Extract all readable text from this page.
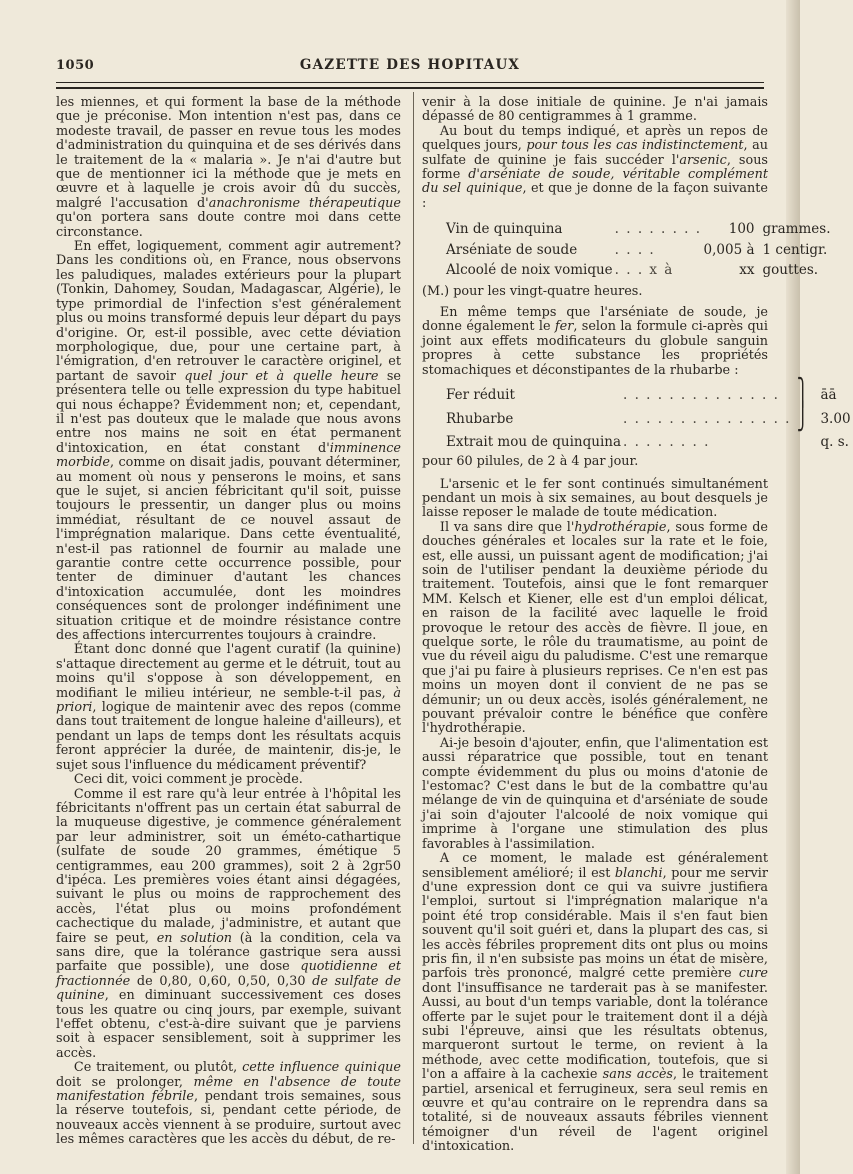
1050	GAZETTE DES HOPITAUX

les miennes, et qui forment la base de la méthode que je préconise. Mon intention n'est pas, dans ce modeste travail, de passer en revue tous les modes d'administration du quinquina et de ses dérivés dans le traitement de la « malaria ». Je n'ai d'autre but que de mentionner ici la méthode que je mets en œuvre et à laquelle je crois avoir dû du succès, malgré l'accusation d'anachronisme thérapeutique qu'on portera sans doute contre moi dans cette circonstance.

En effet, logiquement, comment agir autrement? Dans les conditions où, en France, nous observons les paludiques, malades extérieurs pour la plupart (Tonkin, Dahomey, Soudan, Madagascar, Algérie), le type primordial de l'infection s'est généralement plus ou moins transformé depuis leur départ du pays d'origine. Or, est-il possible, avec cette déviation morphologique, due, pour une certaine part, à l'émigration, d'en retrouver le caractère originel, et partant de savoir quel jour et à quelle heure se présentera telle ou telle expression du type habituel qui nous échappe? Évidemment non; et, cependant, il n'est pas douteux que le malade que nous avons entre nos mains ne soit en état permanent d'intoxication, en état constant d'imminence morbide, comme on disait jadis, pouvant déterminer, au moment où nous y penserons le moins, et sans que le sujet, si ancien fébricitant qu'il soit, puisse toujours le pressentir, un danger plus ou moins immédiat, résultant de ce nouvel assaut de l'imprégnation malarique. Dans cette éventualité, n'est-il pas rationnel de fournir au malade une garantie contre cette occurrence possible, pour tenter de diminuer d'autant les chances d'intoxication accumulée, dont les moindres conséquences sont de prolonger indéfiniment une situation critique et de moindre résistance contre des affections intercurrentes toujours à craindre.

Étant donc donné que l'agent curatif (la quinine) s'attaque directement au germe et le détruit, tout au moins qu'il s'oppose à son développement, en modifiant le milieu intérieur, ne semble-t-il pas, à priori, logique de maintenir avec des repos (comme dans tout traitement de longue haleine d'ailleurs), et pendant un laps de temps dont les résultats acquis feront apprécier la durée, de maintenir, dis-je, le sujet sous l'influence du médicament préventif?

Ceci dit, voici comment je procède.

Comme il est rare qu'à leur entrée à l'hôpital les fébricitants n'offrent pas un certain état saburral de la muqueuse digestive, je commence généralement par leur administrer, soit un éméto-cathartique (sulfate de soude 20 grammes, émétique 5 centigrammes, eau 200 grammes), soit 2 à 2gr50 d'ipéca. Les premières voies étant ainsi dégagées, suivant le plus ou moins de rapprochement des accès, l'état plus ou moins profondément cachectique du malade, j'administre, et autant que faire se peut, en solution (à la condition, cela va sans dire, que la tolérance gastrique sera aussi parfaite que possible), une dose quotidienne et fractionnée de 0,80, 0,60, 0,50, 0,30 de sulfate de quinine, en diminuant successivement ces doses tous les quatre ou cinq jours, par exemple, suivant l'effet obtenu, c'est-à-dire suivant que je parviens soit à espacer sensiblement, soit à supprimer les accès.

Ce traitement, ou plutôt, cette influence quinique doit se prolonger, même en l'absence de toute manifestation fébrile, pendant trois semaines, sous la réserve toutefois, si, pendant cette période, de nouveaux accès viennent à se produire, surtout avec les mêmes caractères que les accès du début, de re-

venir à la dose initiale de quinine. Je n'ai jamais dépassé de 80 centigrammes à 1 gramme.

Au bout du temps indiqué, et après un repos de quelques jours, pour tous les cas indistinctement, au sulfate de quinine je fais succéder l'arsenic, sous forme d'arséniate de soude, véritable complément du sel quinique, et que je donne de la façon suivante :

Vin de quinquina	. . . . . . . .	100	grammes.
Arséniate de soude	. . . .	0,005 à	1 centigr.
Alcoolé de noix vomique	. . . x à	xx	gouttes.

(M.) pour les vingt-quatre heures.

En même temps que l'arséniate de soude, je donne également le fer, selon la formule ci-après qui joint aux effets modificateurs du globule sanguin propres à cette substance les propriétés stomachiques et déconstipantes de la rhubarbe :

Fer réduit	. . . . . . . . . . . . . .	⎫	āā
Rhubarbe	. . . . . . . . . . . . . . .	⎭	3.00
Extrait mou de quinquina	. . . . . . . .		q. s.

pour 60 pilules, de 2 à 4 par jour.

L'arsenic et le fer sont continués simultanément pendant un mois à six semaines, au bout desquels je laisse reposer le malade de toute médication.

Il va sans dire que l'hydrothérapie, sous forme de douches générales et locales sur la rate et le foie, est, elle aussi, un puissant agent de modification; j'ai soin de l'utiliser pendant la deuxième période du traitement. Toutefois, ainsi que le font remarquer MM. Kelsch et Kiener, elle est d'un emploi délicat, en raison de la facilité avec laquelle le froid provoque le retour des accès de fièvre. Il joue, en quelque sorte, le rôle du traumatisme, au point de vue du réveil aigu du paludisme. C'est une remarque que j'ai pu faire à plusieurs reprises. Ce n'en est pas moins un moyen dont il convient de ne pas se démunir; un ou deux accès, isolés généralement, ne pouvant prévaloir contre le bénéfice que confère l'hydrothérapie.

Ai-je besoin d'ajouter, enfin, que l'alimentation est aussi réparatrice que possible, tout en tenant compte évidemment du plus ou moins d'atonie de l'estomac? C'est dans le but de la combattre qu'au mélange de vin de quinquina et d'arséniate de soude j'ai soin d'ajouter l'alcoolé de noix vomique qui imprime à l'organe une stimulation des plus favorables à l'assimilation.

A ce moment, le malade est généralement sensiblement amélioré; il est blanchi, pour me servir d'une expression dont ce qui va suivre justifiera l'emploi, surtout si l'imprégnation malarique n'a point été trop considérable. Mais il s'en faut bien souvent qu'il soit guéri et, dans la plupart des cas, si les accès fébriles proprement dits ont plus ou moins pris fin, il n'en subsiste pas moins un état de misère, parfois très prononcé, malgré cette première cure dont l'insuffisance ne tarderait pas à se manifester. Aussi, au bout d'un temps variable, dont la tolérance offerte par le sujet pour le traitement dont il a déjà subi l'épreuve, ainsi que les résultats obtenus, marqueront surtout le terme, on revient à la méthode, avec cette modification, toutefois, que si l'on a affaire à la cachexie sans accès, le traitement partiel, arsenical et ferrugineux, sera seul remis en œuvre et qu'au contraire on le reprendra dans sa totalité, si de nouveaux assauts fébriles viennent témoigner d'un réveil de l'agent originel d'intoxication.
